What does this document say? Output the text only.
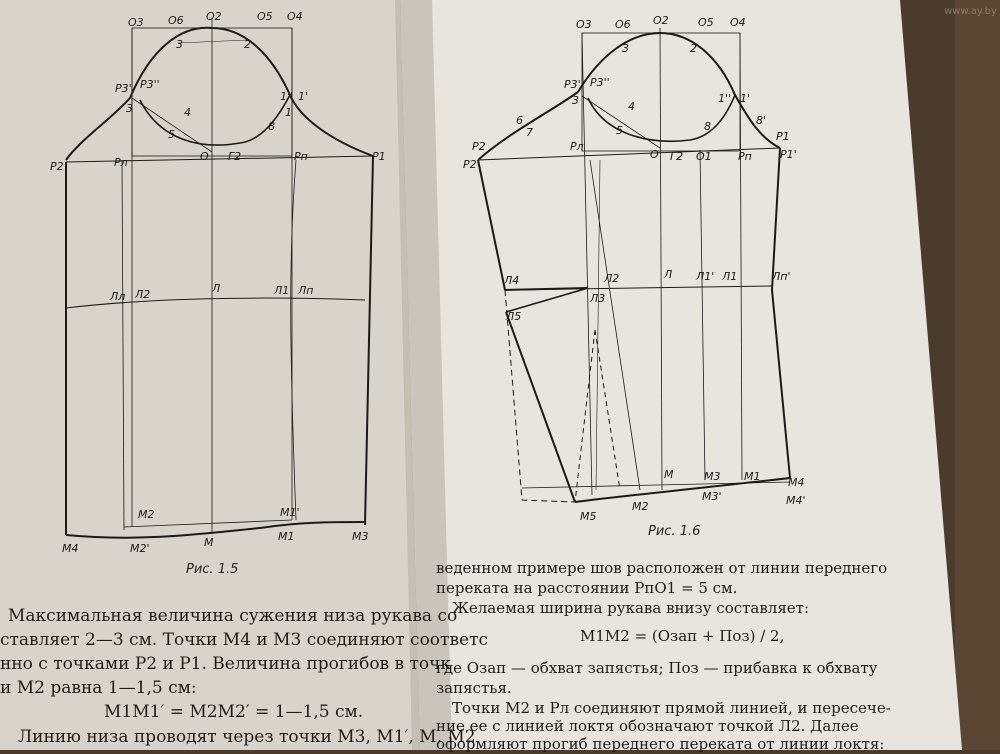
O3 O6 O2	O5 O4
3	2
P3' P3''
3	4
5
1'' 1'
8
1
P2	Pл	O Г2	Pп	P1
Лл Л2	Л	Л1 Лп
M2	M1'
M4	M2'	M	M1	M3
O3 O6 O2	O5 O4
3	2
P3' P3''
3	4
5
1'' 1'
8	8'
6
7
P2
P2'
Pл
O Г2 O1 Pп
P1
P1'
Л4	Л2
Л3
Л5
Л Л1' Л1	Лп'
M	M3 M1	M4
M3'	M4'
M2
M5
Рис. 1.5
Рис. 1.6
Максимальная величина сужения низа рукава со
ставляет 2—3 см. Точки M4 и M3 соединяют соответс
нно с точками P2 и P1. Величина прогибов в точк
и M2 равна 1—1,5 см:
M1M1′ = M2M2′ = 1—1,5 см.
Линию низа проводят через точки M3, M1′, M, M2
веденном примере шов расположен от линии переднего
переката на расстоянии PпO1 = 5 см.
Желаемая ширина рукава внизу составляет:
M1M2 = (Oзап + Пoз) / 2,
где Oзап — обхват запястья; Пoз — прибавка к обхвату
запястья.
Точки M2 и Pл соединяют прямой линией, и пересече-
ние ее с линией локтя обозначают точкой Л2. Далее
оформляют прогиб переднего переката от линии локтя:
www.ay.by
